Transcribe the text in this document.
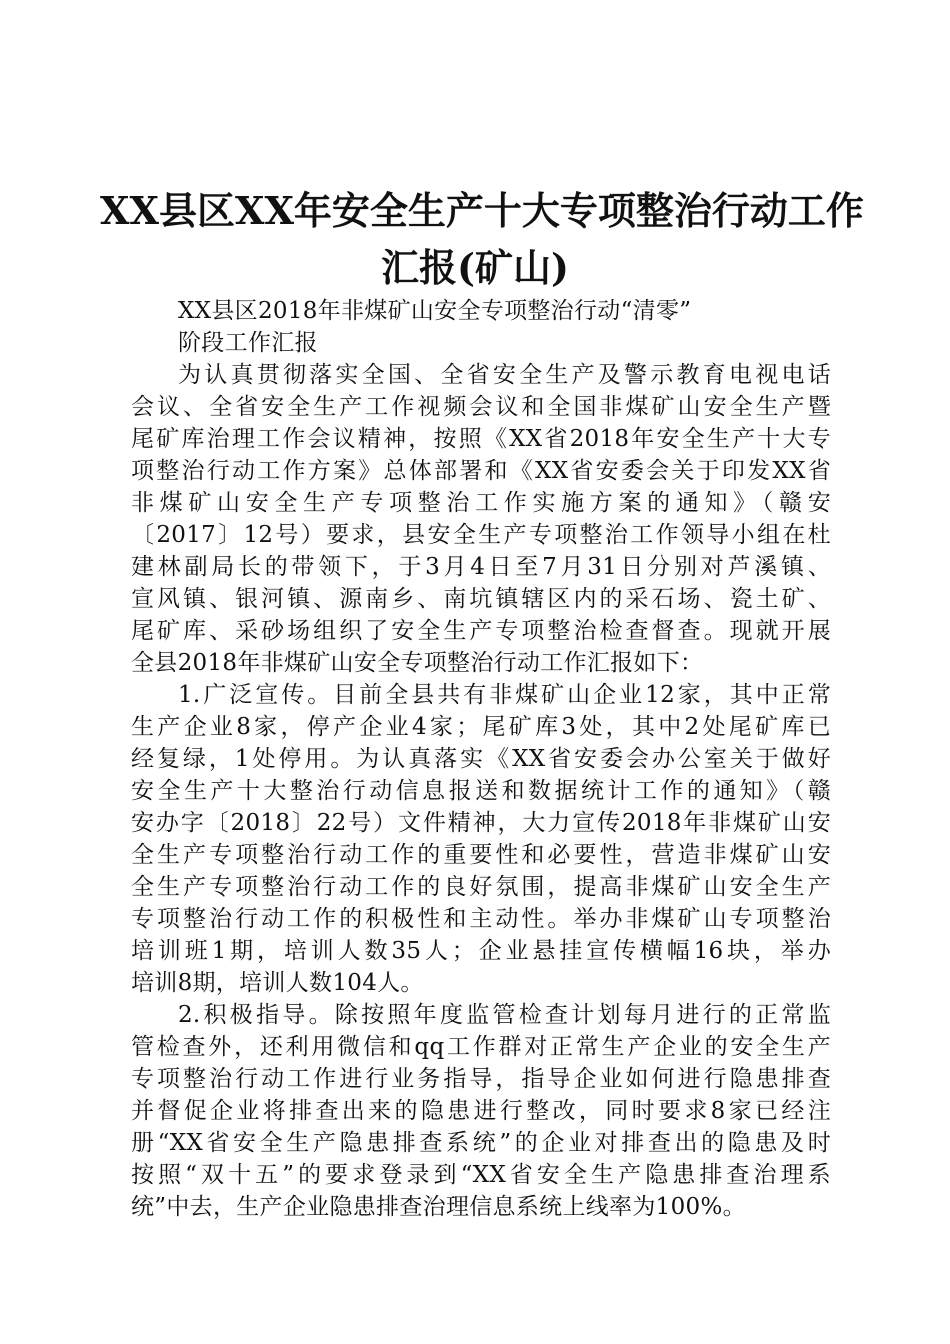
XX县区XX年安全生产十大专项整治行动工作
汇报(矿山)
XX县区2018年非煤矿山安全专项整治行动“清零”
阶段工作汇报
为认真贯彻落实全国、全省安全生产及警示教育电视电话
会议、全省安全生产工作视频会议和全国非煤矿山安全生产暨
尾矿库治理工作会议精神，按照《XX省2018年安全生产十大专
项整治行动工作方案》总体部署和《XX省安委会关于印发XX省
非煤矿山安全生产专项整治工作实施方案的通知》（赣安
〔2017〕12号）要求，县安全生产专项整治工作领导小组在杜
建林副局长的带领下，于3月4日至7月31日分别对芦溪镇、
宣风镇、银河镇、源南乡、南坑镇辖区内的采石场、瓷土矿、
尾矿库、采砂场组织了安全生产专项整治检查督查。现就开展
全县2018年非煤矿山安全专项整治行动工作汇报如下：
1.广泛宣传。目前全县共有非煤矿山企业12家，其中正常
生产企业8家，停产企业4家；尾矿库3处，其中2处尾矿库已
经复绿，1处停用。为认真落实《XX省安委会办公室关于做好
安全生产十大整治行动信息报送和数据统计工作的通知》（赣
安办字〔2018〕22号）文件精神，大力宣传2018年非煤矿山安
全生产专项整治行动工作的重要性和必要性，营造非煤矿山安
全生产专项整治行动工作的良好氛围，提高非煤矿山安全生产
专项整治行动工作的积极性和主动性。举办非煤矿山专项整治
培训班1期，培训人数35人；企业悬挂宣传横幅16块，举办
培训8期，培训人数104人。
2.积极指导。除按照年度监管检查计划每月进行的正常监
管检查外，还利用微信和qq工作群对正常生产企业的安全生产
专项整治行动工作进行业务指导，指导企业如何进行隐患排查
并督促企业将排查出来的隐患进行整改，同时要求8家已经注
册“XX省安全生产隐患排查系统”的企业对排查出的隐患及时
按照“双十五”的要求登录到“XX省安全生产隐患排查治理系
统”中去，生产企业隐患排查治理信息系统上线率为100%。
